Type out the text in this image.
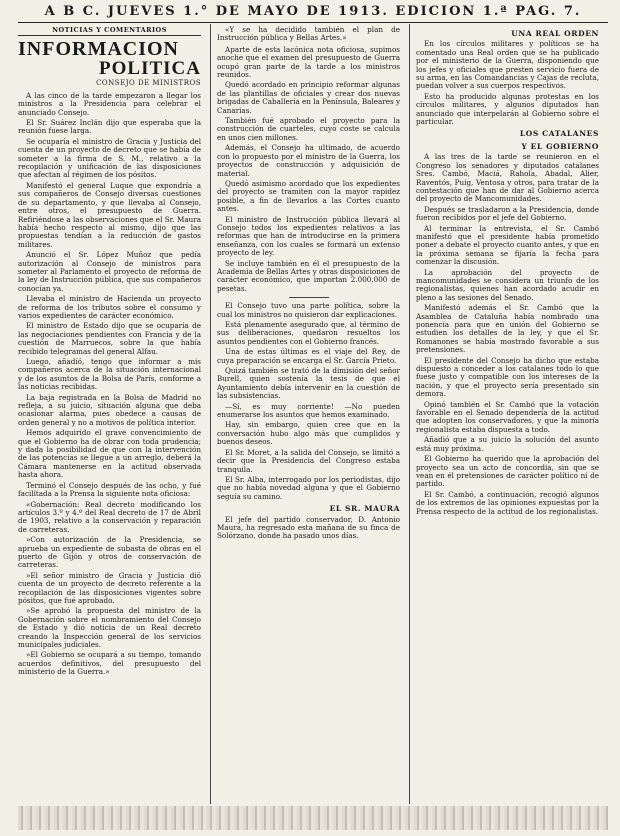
A B C. JUEVES 1.° DE MAYO DE 1913. EDICION 1.ª PAG. 7.
NOTICIAS Y COMENTARIOS
INFORMACION
POLITICA
CONSEJO DE MINISTROS

A las cinco de la tarde empezaron a llegar los ministros a la Presidencia para celebrar el anunciado Consejo.

El Sr. Suárez Inclán dijo que esperaba que la reunión fuese larga.

Se ocuparía el ministro de Gracia y Justicia del cuenta de un proyecto de decreto que se había de someter a la firma de S. M., relativo a la recopilación y unificación de las disposiciones que afectan al régimen de los pósitos.

Manifestó el general Luque que expondría a sus compañeros de Consejo diversas cuestiones de su departamento, y que llevaba al Consejo, entre otros, el presupuesto de Guerra. Refiriéndose a las observaciones que el Sr. Maura había hecho respecto al mismo, dijo que las propuestas tendían a la reducción de gastos militares.

Anunció el Sr. López Muñoz que pedía autorización al Consejo de ministros para someter al Parlamento el proyecto de reforma de la ley de Instrucción pública, que sus compañeros conocían ya.

Llevaba el ministro de Hacienda un proyecto de reforma de los tributos sobre el consumo y varios expedientes de carácter económico.

El ministro de Estado dijo que se ocuparía de las negociaciones pendientes con Francia y de la cuestión de Marruecos, sobre la que había recibido telegramas del general Alfau.

Luego, añadió, tengo que informar a mis compañeros acerca de la situación internacional y de los asuntos de la Bolsa de París, conforme a las noticias recibidas.

La baja registrada en la Bolsa de Madrid no refleja, a su juicio, situación alguna que deba ocasionar alarma, pues obedece a causas de orden general y no a motivos de política interior.

Hemos adquirido el grave convencimiento de que el Gobierno ha de obrar con toda prudencia; y dada la posibilidad de que con la intervención de las potencias se llegue a un arreglo, deberá la Cámara mantenerse en la actitud observada hasta ahora.

Terminó el Consejo después de las ocho, y fué facilitada a la Prensa la siguiente nota oficiosa:

«Gobernación: Real decreto modificando los artículos 3.º y 4.º del Real decreto de 17 de Abril de 1903, relativo a la conservación y reparación de carreteras.

»Con autorización de la Presidencia, se aprueba un expediente de subasta de obras en el puerto de Gijón y otros de conservación de carreteras.

»El señor ministro de Gracia y Justicia dió cuenta de un proyecto de decreto referente a la recopilación de las disposiciones vigentes sobre pósitos, que fué aprobado.

»Se aprobó la propuesta del ministro de la Gobernación sobre el nombramiento del Consejo de Estado y dió noticia de un Real decreto creando la Inspección general de los servicios municipales judiciales.

»El Gobierno se ocupará a su tiempo, tomando acuerdos definitivos, del presupuesto del ministerio de la Guerra.»

«Y se ha decidido también el plan de Instrucción pública y Bellas Artes.»

Aparte de esta lacónica nota oficiosa, supimos anoche que el examen del presupuesto de Guerra ocupó gran parte de la tarde a los ministros reunidos.

Quedó acordado en principio reformar algunas de las plantillas de oficiales y crear dos nuevas brigadas de Caballería en la Península, Baleares y Canarias.

También fué aprobado el proyecto para la construcción de cuarteles, cuyo coste se calcula en unos cien millones.

Además, el Consejo ha ultimado, de acuerdo con lo propuesto por el ministro de la Guerra, los proyectos de construcción y adquisición de material.

Quedó asimismo acordado que los expedientes del proyecto se tramiten con la mayor rapidez posible, a fin de llevarlos a las Cortes cuanto antes.

El ministro de Instrucción pública llevará al Consejo todos los expedientes relativos a las reformas que han de introducirse en la primera enseñanza, con los cuales se formará un extenso proyecto de ley.

Se incluye también en él el presupuesto de la Academia de Bellas Artes y otras disposiciones de carácter económico, que importan 2.000.000 de pesetas.

El Consejo tuvo una parte política, sobre la cual los ministros no quisieron dar explicaciones.

Está plenamente asegurado que, al término de sus deliberaciones, quedaron resueltos los asuntos pendientes con el Gobierno francés.

Una de estas últimas es el viaje del Rey, de cuya preparación se encarga el Sr. García Prieto.

Quizá también se trató de la dimisión del señor Burell, quien sostenía la tesis de que el Ayuntamiento debía intervenir en la cuestión de las subsistencias.

—Sí, es muy corriente! —No pueden enumerarse los asuntos que hemos examinado.

Hay, sin embargo, quien cree que en la conversación hubo algo más que cumplidos y buenos deseos.

El Sr. Moret, a la salida del Consejo, se limitó a decir que la Presidencia del Congreso estaba tranquila.

El Sr. Alba, interrogado por los periodistas, dijo que no había novedad alguna y que el Gobierno seguía su camino.

EL SR. MAURA

El jefe del partido conservador, D. Antonio Maura, ha regresado esta mañana de su finca de Solórzano, donde ha pasado unos días.

UNA REAL ORDEN

En los círculos militares y políticos se ha comentado una Real orden que se ha publicado por el ministerio de la Guerra, disponiendo que los jefes y oficiales que presten servicio fuera de su arma, en las Comandancias y Cajas de recluta, puedan volver a sus cuerpos respectivos.

Esto ha producido algunas protestas en los círculos militares, y algunos diputados han anunciado que interpelarán al Gobierno sobre el particular.

LOS CATALANES
Y EL GOBIERNO

A las tres de la tarde se reunieron en el Congreso los senadores y diputados catalanes Sres. Cambó, Maciá, Rahola, Abadal, Alier, Raventós, Puig, Ventosa y otros, para tratar de la contestación que han de dar al Gobierno acerca del proyecto de Mancomunidades.

Después se trasladaron a la Presidencia, donde fueron recibidos por el jefe del Gobierno.

Al terminar la entrevista, el Sr. Cambó manifestó que el presidente había prometido poner a debate el proyecto cuanto antes, y que en la próxima semana se fijaría la fecha para comenzar la discusión.

La aprobación del proyecto de mancomunidades se considera un triunfo de los regionalistas, quienes han acordado acudir en pleno a las sesiones del Senado.

Manifestó además el Sr. Cambó que la Asamblea de Cataluña había nombrado una ponencia para que en unión del Gobierno se estudien los detalles de la ley, y que el Sr. Romanones se había mostrado favorable a sus pretensiones.

El presidente del Consejo ha dicho que estaba dispuesto a conceder a los catalanes todo lo que fuese justo y compatible con los intereses de la nación, y que el proyecto sería presentado sin demora.

Opinó también el Sr. Cambó que la votación favorable en el Senado dependería de la actitud que adopten los conservadores, y que la minoría regionalista estaba dispuesta a todo.

Añadió que a su juicio la solución del asunto está muy próxima.

El Gobierno ha querido que la aprobación del proyecto sea un acto de concordia, sin que se vean en él pretensiones de carácter político ni de partido.

El Sr. Cambó, a continuación, recogió algunos de los extremos de las opiniones expuestas por la Prensa respecto de la actitud de los regionalistas.
